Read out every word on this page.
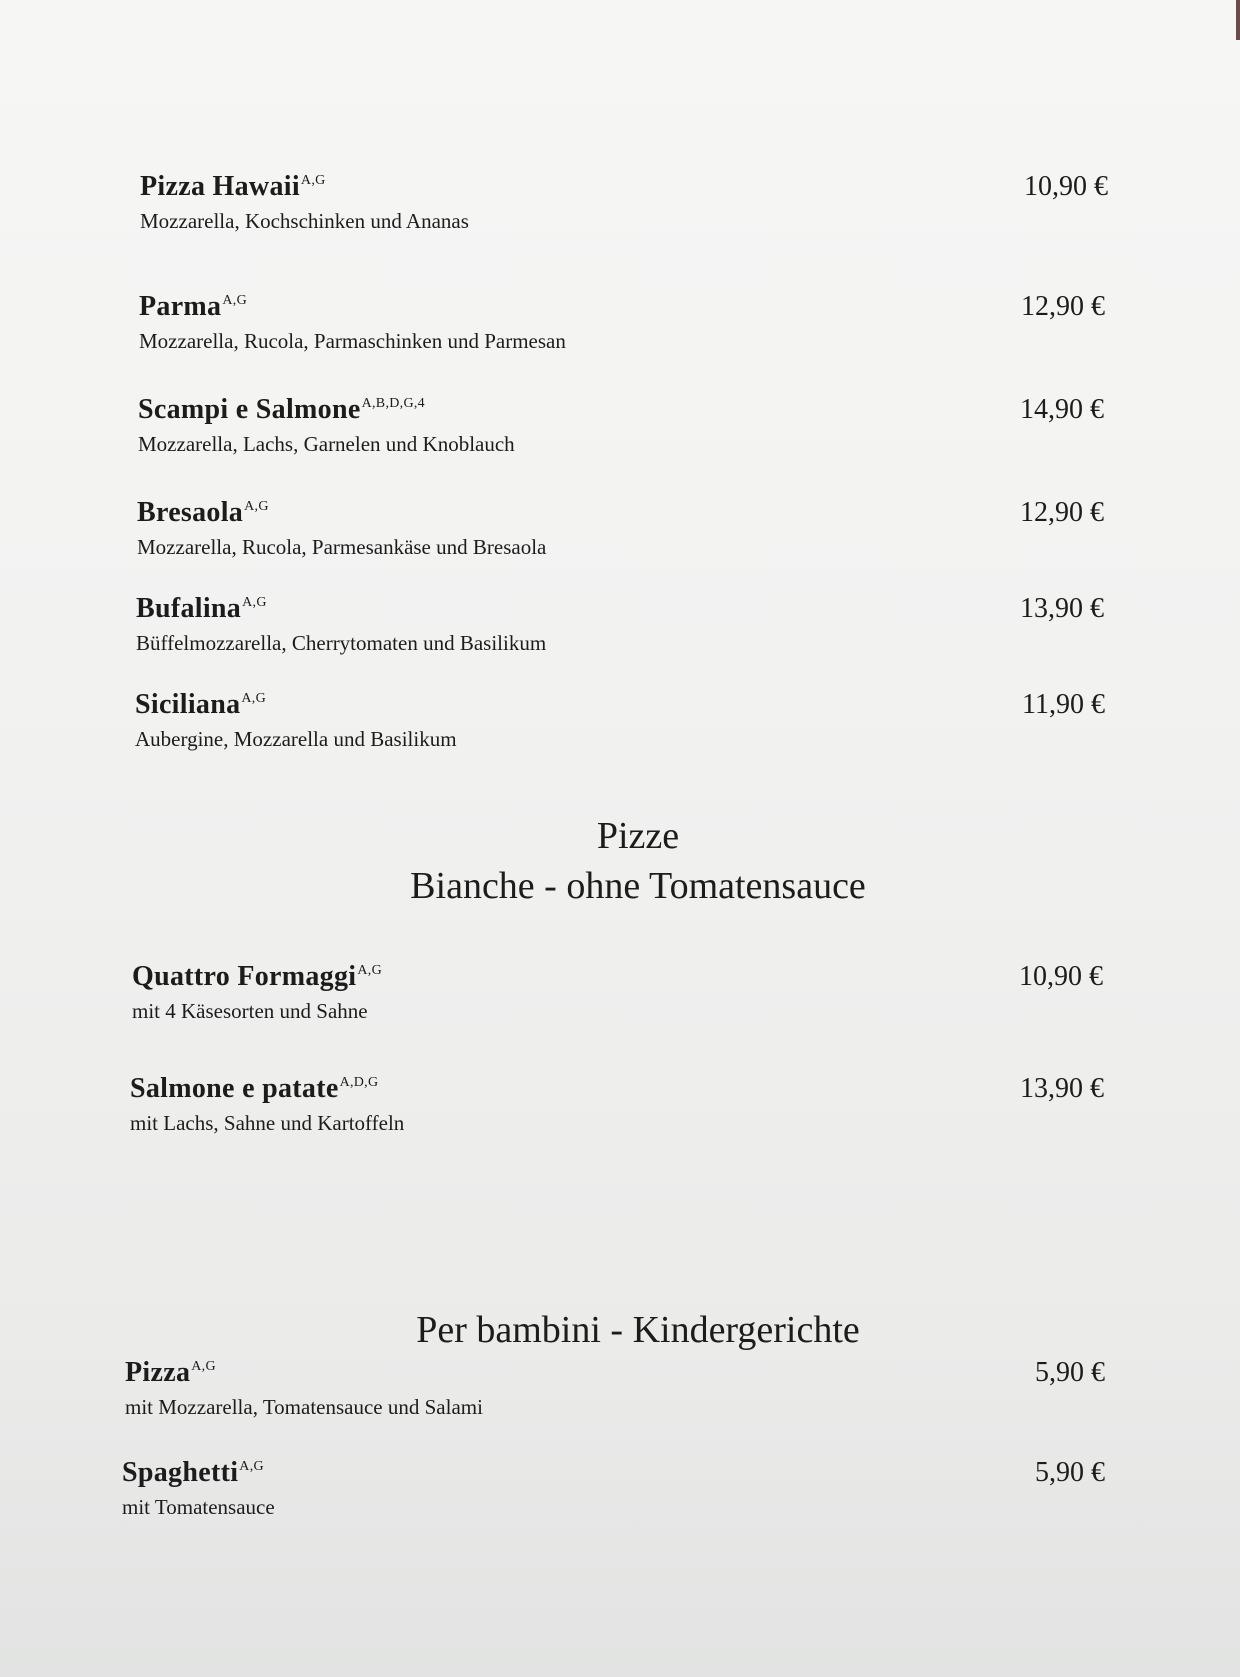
Pizza Hawaii$^{A,G}$	10,90 €
Mozzarella, Kochschinken und Ananas
Parma$^{A,G}$	12,90 €
Mozzarella, Rucola, Parmaschinken und Parmesan
Scampi e Salmone$^{A,B,D,G,4}$	14,90 €
Mozzarella, Lachs, Garnelen und Knoblauch
Bresaola$^{A,G}$	12,90 €
Mozzarella, Rucola, Parmesankäse und Bresaola
Bufalina$^{A,G}$	13,90 €
Büffelmozzarella, Cherrytomaten und Basilikum
Siciliana$^{A,G}$	11,90 €
Aubergine, Mozzarella und Basilikum
Pizze
Bianche - ohne Tomatensauce
Quattro Formaggi$^{A,G}$	10,90 €
mit 4 Käsesorten und Sahne
Salmone e patate$^{A,D,G}$	13,90 €
mit Lachs, Sahne und Kartoffeln
Per bambini - Kindergerichte
Pizza$^{A,G}$	5,90 €
mit Mozzarella, Tomatensauce und Salami
Spaghetti$^{A,G}$	5,90 €
mit Tomatensauce
